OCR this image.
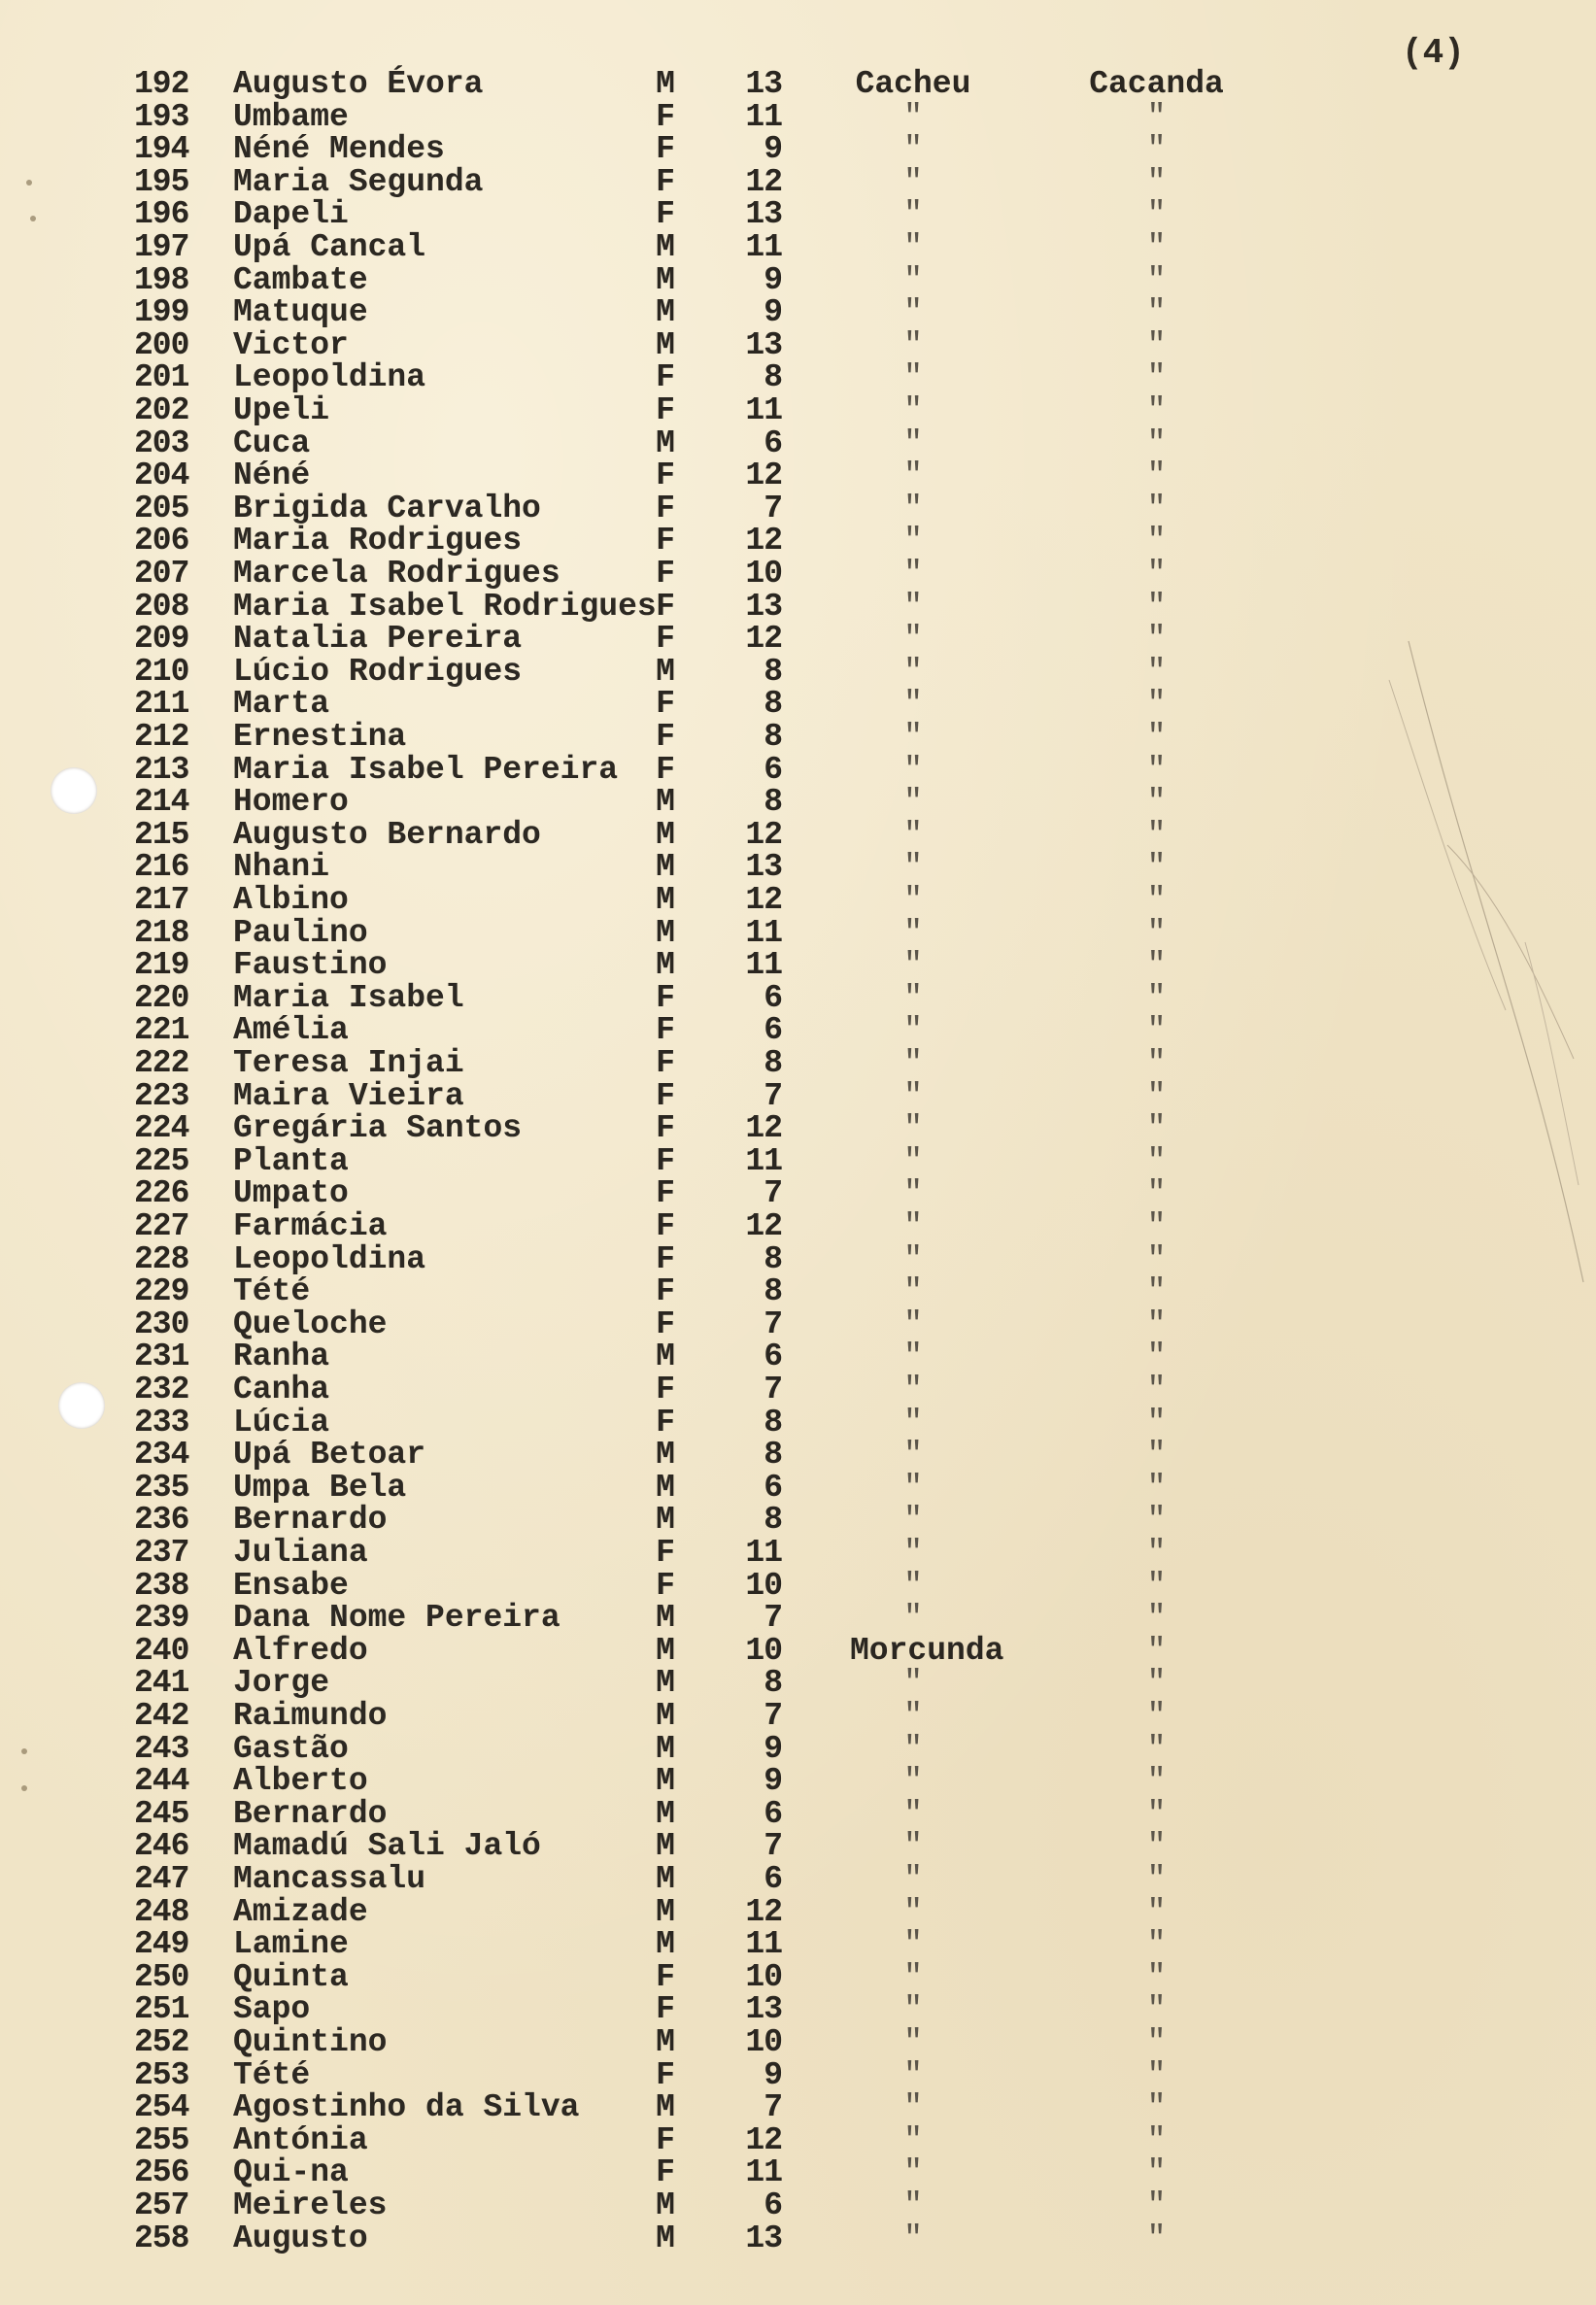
(4)
192	Augusto Évora	M	13 Cacheu	Cacanda
193	Umbame	F	11	"	"
194	Néné Mendes	F	9	"	"
195	Maria Segunda	F	12	"	"
196	Dapeli	F	13	"	"
197	Upá Cancal	M	11	"	"
198	Cambate	M	9	"	"
199	Matuque	M	9	"	"
200	Victor	M	13	"	"
201	Leopoldina	F	8	"	"
202	Upeli	F	11	"	"
203	Cuca	M	6	"	"
204	Néné	F	12	"	"
205	Brigida Carvalho	F	7	"	"
206	Maria Rodrigues	F	12	"	"
207	Marcela Rodrigues	F	10	"	"
208	Maria Isabel Rodrigues F	13	"	"
209	Natalia Pereira	F	12	"	"
210	Lúcio Rodrigues	M	8	"	"
211	Marta	F	8	"	"
212	Ernestina	F	8	"	"
213	Maria Isabel Pereira	F	6	"	"
214	Homero	M	8	"	"
215	Augusto Bernardo	M	12	"	"
216	Nhani	M	13	"	"
217	Albino	M	12	"	"
218	Paulino	M	11	"	"
219	Faustino	M	11	"	"
220	Maria Isabel	F	6	"	"
221	Amélia	F	6	"	"
222	Teresa Injai	F	8	"	"
223	Maira Vieira	F	7	"	"
224	Gregária Santos	F	12	"	"
225	Planta	F	11	"	"
226	Umpato	F	7	"	"
227	Farmácia	F	12	"	"
228	Leopoldina	F	8	"	"
229	Tété	F	8	"	"
230	Queloche	F	7	"	"
231	Ranha	M	6	"	"
232	Canha	F	7	"	"
233	Lúcia	F	8	"	"
234	Upá Betoar	M	8	"	"
235	Umpa Bela	M	6	"	"
236	Bernardo	M	8	"	"
237	Juliana	F	11	"	"
238	Ensabe	F	10	"	"
239	Dana Nome Pereira	M	7	"	"
240	Alfredo	M	10 Morcunda	"
241	Jorge	M	8	"	"
242	Raimundo	M	7	"	"
243	Gastão	M	9	"	"
244	Alberto	M	9	"	"
245	Bernardo	M	6	"	"
246	Mamadú Sali Jaló	M	7	"	"
247	Mancassalu	M	6	"	"
248	Amizade	M	12	"	"
249	Lamine	M	11	"	"
250	Quinta	F	10	"	"
251	Sapo	F	13	"	"
252	Quintino	M	10	"	"
253	Tété	F	9	"	"
254	Agostinho da Silva	M	7	"	"
255	Antónia	F	12	"	"
256	Qui-na	F	11	"	"
257	Meireles	M	6	"	"
258	Augusto	M	13	"	"
